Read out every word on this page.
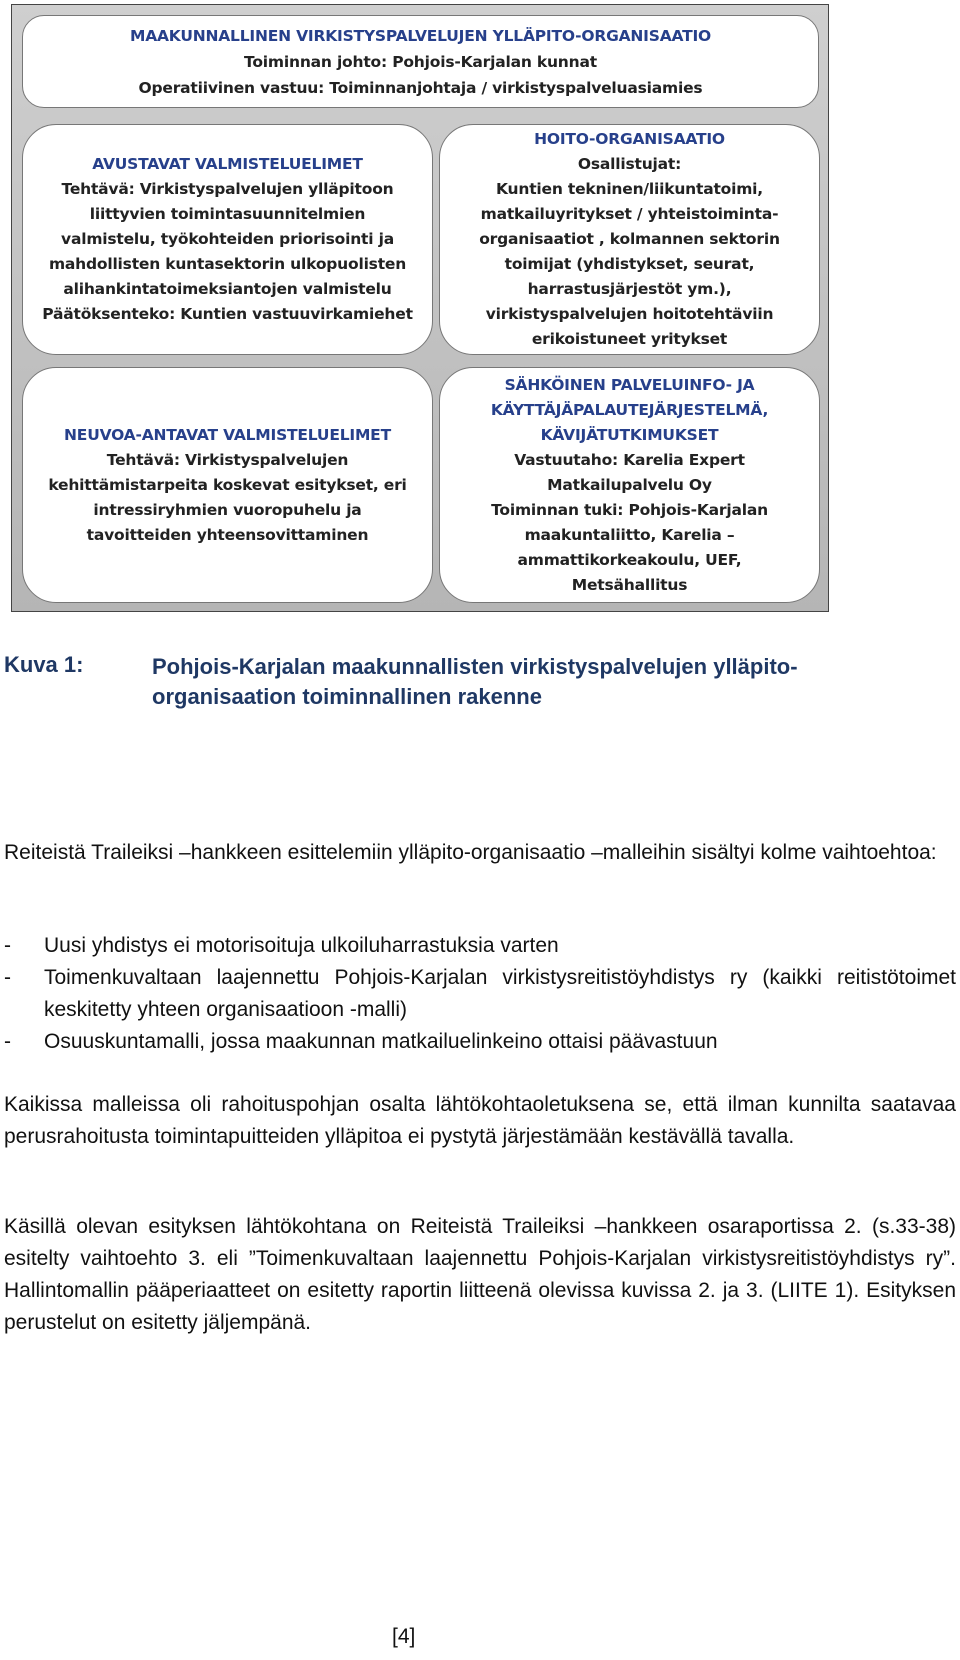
MAAKUNNALLINEN VIRKISTYSPALVELUJEN YLLÄPITO-ORGANISAATIO
Toiminnan johto: Pohjois-Karjalan kunnat
Operatiivinen vastuu: Toiminnanjohtaja / virkistyspalveluasiamies
AVUSTAVAT VALMISTELUELIMET
Tehtävä: Virkistyspalvelujen ylläpitoon
liittyvien toimintasuunnitelmien
valmistelu, työkohteiden priorisointi ja
mahdollisten kuntasektorin ulkopuolisten
alihankintatoimeksiantojen valmistelu
Päätöksenteko: Kuntien vastuuvirkamiehet
HOITO-ORGANISAATIO
Osallistujat:
Kuntien tekninen/liikuntatoimi,
matkailuyritykset / yhteistoiminta-
organisaatiot , kolmannen sektorin
toimijat (yhdistykset, seurat,
harrastusjärjestöt ym.),
virkistyspalvelujen hoitotehtäviin
erikoistuneet yritykset
NEUVOA-ANTAVAT VALMISTELUELIMET
Tehtävä: Virkistyspalvelujen
kehittämistarpeita koskevat esitykset, eri
intressiryhmien vuoropuhelu ja
tavoitteiden yhteensovittaminen
SÄHKÖINEN PALVELUINFO- JA
KÄYTTÄJÄPALAUTEJÄRJESTELMÄ,
KÄVIJÄTUTKIMUKSET
Vastuutaho: Karelia Expert
Matkailupalvelu Oy
Toiminnan tuki: Pohjois-Karjalan
maakuntaliitto, Karelia –
ammattikorkeakoulu, UEF,
Metsähallitus
Kuva 1:	Pohjois-Karjalan maakunnallisten virkistyspalvelujen ylläpito-organisaation toiminnallinen rakenne
Reiteistä Traileiksi –hankkeen esittelemiin ylläpito-organisaatio –malleihin sisältyi kolme vaihtoehtoa:
-	Uusi yhdistys ei motorisoituja ulkoiluharrastuksia varten
-	Toimenkuvaltaan laajennettu Pohjois-Karjalan virkistysreitistöyhdistys ry (kaikki reitistötoimet keskitetty yhteen organisaatioon -malli)
-	Osuuskuntamalli, jossa maakunnan matkailuelinkeino ottaisi päävastuun
Kaikissa malleissa oli rahoituspohjan osalta lähtökohtaoletuksena se, että ilman kunnilta saatavaa perusrahoitusta toimintapuitteiden ylläpitoa ei pystytä järjestämään kestävällä tavalla.
Käsillä olevan esityksen lähtökohtana on Reiteistä Traileiksi –hankkeen osaraportissa 2. (s.33-38) esitelty vaihtoehto 3. eli ”Toimenkuvaltaan laajennettu Pohjois-Karjalan virkistysreitistöyhdistys ry”. Hallintomallin pääperiaatteet on esitetty raportin liitteenä olevissa kuvissa 2. ja 3. (LIITE 1). Esityksen perustelut on esitetty jäljempänä.
[4]
